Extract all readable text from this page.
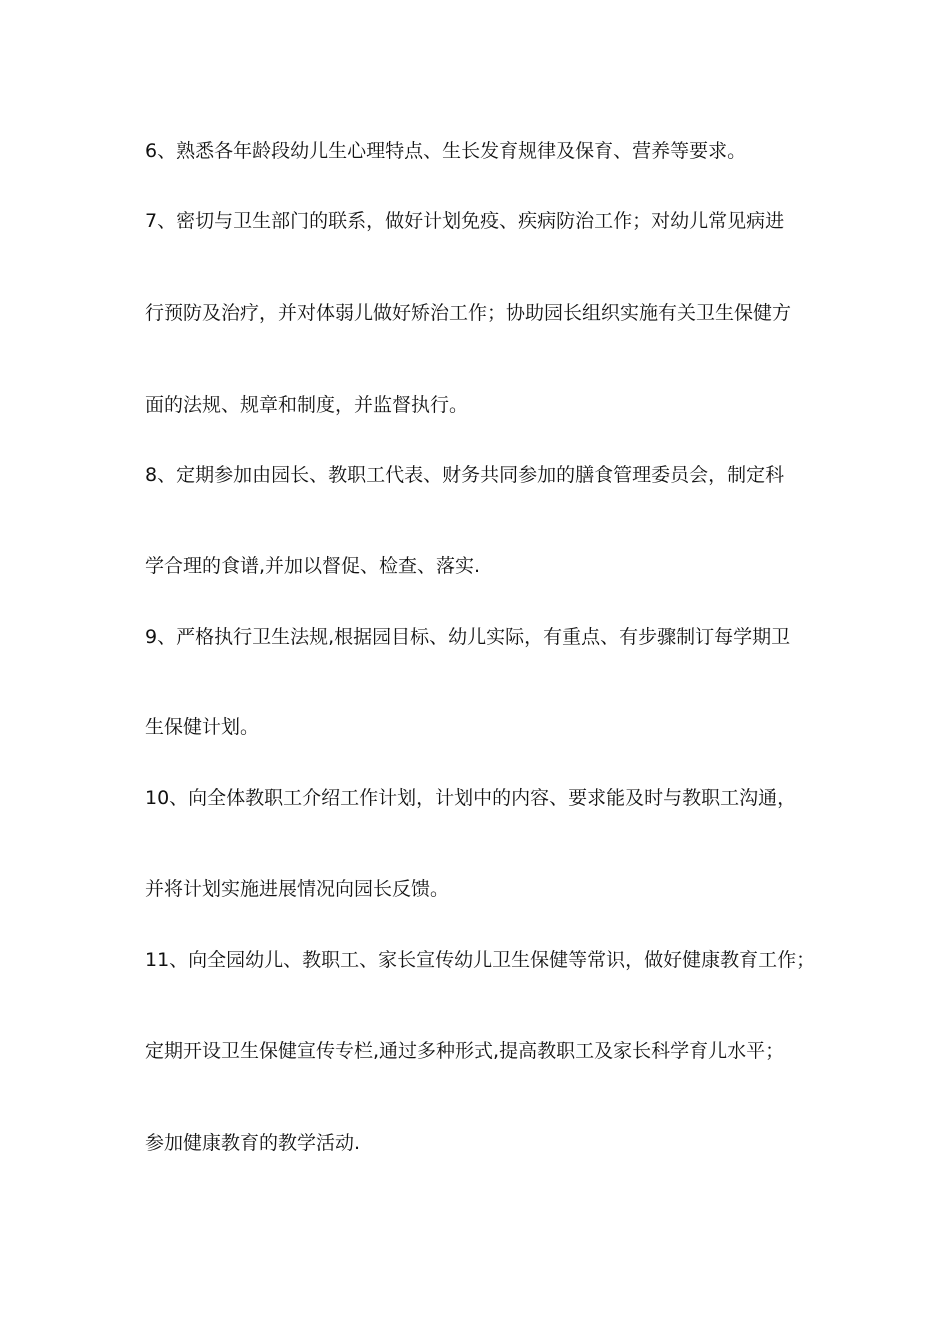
6、熟悉各年龄段幼儿生心理特点、生长发育规律及保育、营养等要求。
7、密切与卫生部门的联系，做好计划免疫、疾病防治工作；对幼儿常见病进
行预防及治疗，并对体弱儿做好矫治工作；协助园长组织实施有关卫生保健方
面的法规、规章和制度，并监督执行。
8、定期参加由园长、教职工代表、财务共同参加的膳食管理委员会，制定科
学合理的食谱,并加以督促、检查、落实.
9、严格执行卫生法规,根据园目标、幼儿实际，有重点、有步骤制订每学期卫
生保健计划。
10、向全体教职工介绍工作计划，计划中的内容、要求能及时与教职工沟通，
并将计划实施进展情况向园长反馈。
11、向全园幼儿、教职工、家长宣传幼儿卫生保健等常识，做好健康教育工作；
定期开设卫生保健宣传专栏,通过多种形式,提高教职工及家长科学育儿水平；
参加健康教育的教学活动.
